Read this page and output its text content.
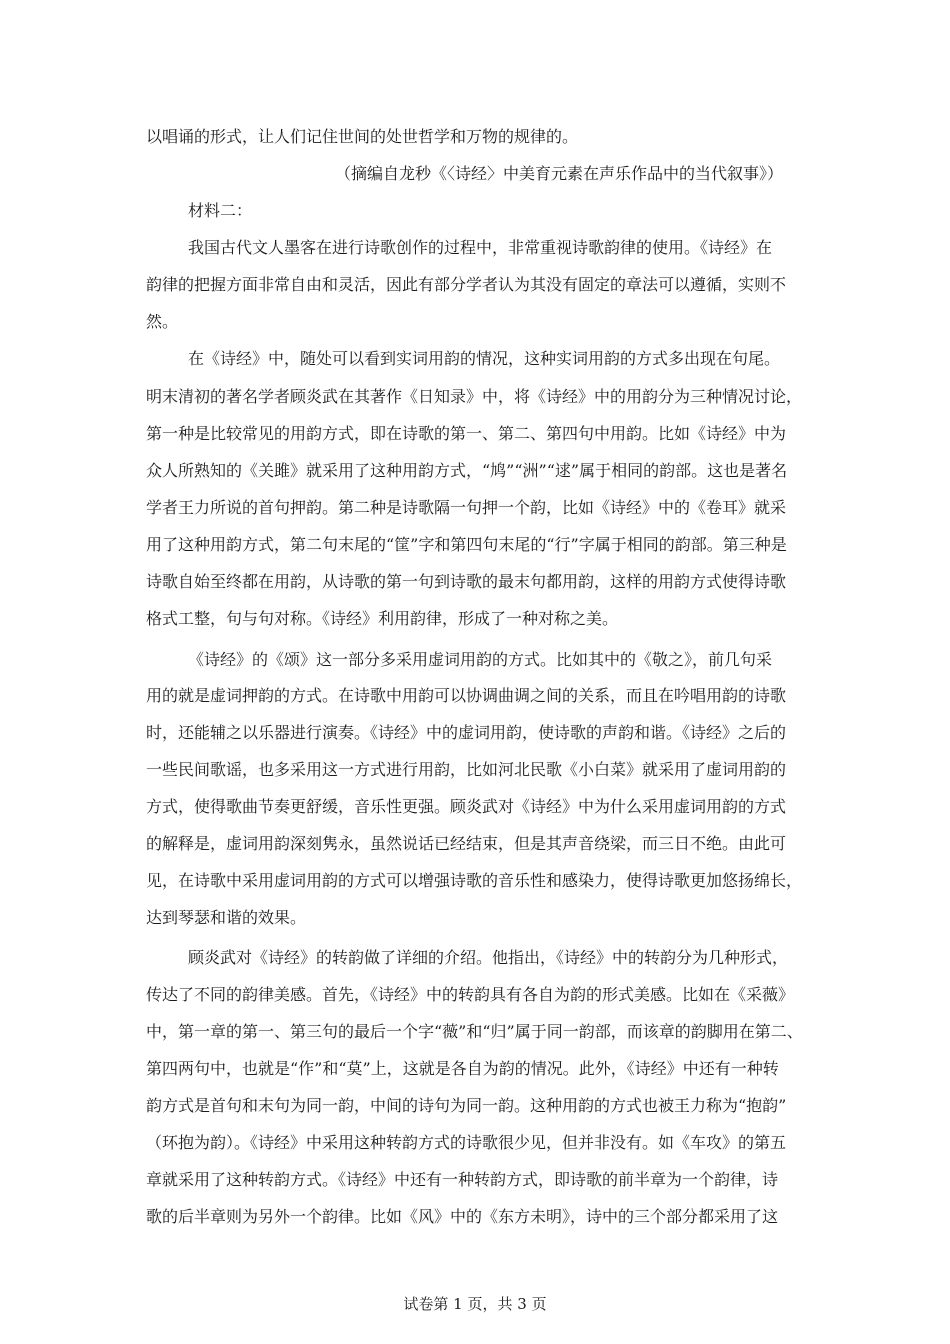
以唱诵的形式，让人们记住世间的处世哲学和万物的规律的。
（摘编自龙秒《〈诗经〉中美育元素在声乐作品中的当代叙事》）
材料二：
我国古代文人墨客在进行诗歌创作的过程中，非常重视诗歌韵律的使用。《诗经》在
韵律的把握方面非常自由和灵活，因此有部分学者认为其没有固定的章法可以遵循，实则不
然。
在《诗经》中，随处可以看到实词用韵的情况，这种实词用韵的方式多出现在句尾。
明末清初的著名学者顾炎武在其著作《日知录》中，将《诗经》中的用韵分为三种情况讨论，
第一种是比较常见的用韵方式，即在诗歌的第一、第二、第四句中用韵。比如《诗经》中为
众人所熟知的《关雎》就采用了这种用韵方式，“鸠”“洲”“逑”属于相同的韵部。这也是著名
学者王力所说的首句押韵。第二种是诗歌隔一句押一个韵，比如《诗经》中的《卷耳》就采
用了这种用韵方式，第二句末尾的“筐”字和第四句末尾的“行”字属于相同的韵部。第三种是
诗歌自始至终都在用韵，从诗歌的第一句到诗歌的最末句都用韵，这样的用韵方式使得诗歌
格式工整，句与句对称。《诗经》利用韵律，形成了一种对称之美。
《诗经》的《颂》这一部分多采用虚词用韵的方式。比如其中的《敬之》，前几句采
用的就是虚词押韵的方式。在诗歌中用韵可以协调曲调之间的关系，而且在吟唱用韵的诗歌
时，还能辅之以乐器进行演奏。《诗经》中的虚词用韵，使诗歌的声韵和谐。《诗经》之后的
一些民间歌谣，也多采用这一方式进行用韵，比如河北民歌《小白菜》就采用了虚词用韵的
方式，使得歌曲节奏更舒缓，音乐性更强。顾炎武对《诗经》中为什么采用虚词用韵的方式
的解释是，虚词用韵深刻隽永，虽然说话已经结束，但是其声音绕梁，而三日不绝。由此可
见，在诗歌中采用虚词用韵的方式可以增强诗歌的音乐性和感染力，使得诗歌更加悠扬绵长，
达到琴瑟和谐的效果。
顾炎武对《诗经》的转韵做了详细的介绍。他指出，《诗经》中的转韵分为几种形式，
传达了不同的韵律美感。首先，《诗经》中的转韵具有各自为韵的形式美感。比如在《采薇》
中，第一章的第一、第三句的最后一个字“薇”和“归”属于同一韵部，而该章的韵脚用在第二、
第四两句中，也就是“作”和“莫”上，这就是各自为韵的情况。此外，《诗经》中还有一种转
韵方式是首句和末句为同一韵，中间的诗句为同一韵。这种用韵的方式也被王力称为“抱韵”
（环抱为韵）。《诗经》中采用这种转韵方式的诗歌很少见，但并非没有。如《车攻》的第五
章就采用了这种转韵方式。《诗经》中还有一种转韵方式，即诗歌的前半章为一个韵律，诗
歌的后半章则为另外一个韵律。比如《风》中的《东方未明》，诗中的三个部分都采用了这
试卷第 1 页，共 3 页
